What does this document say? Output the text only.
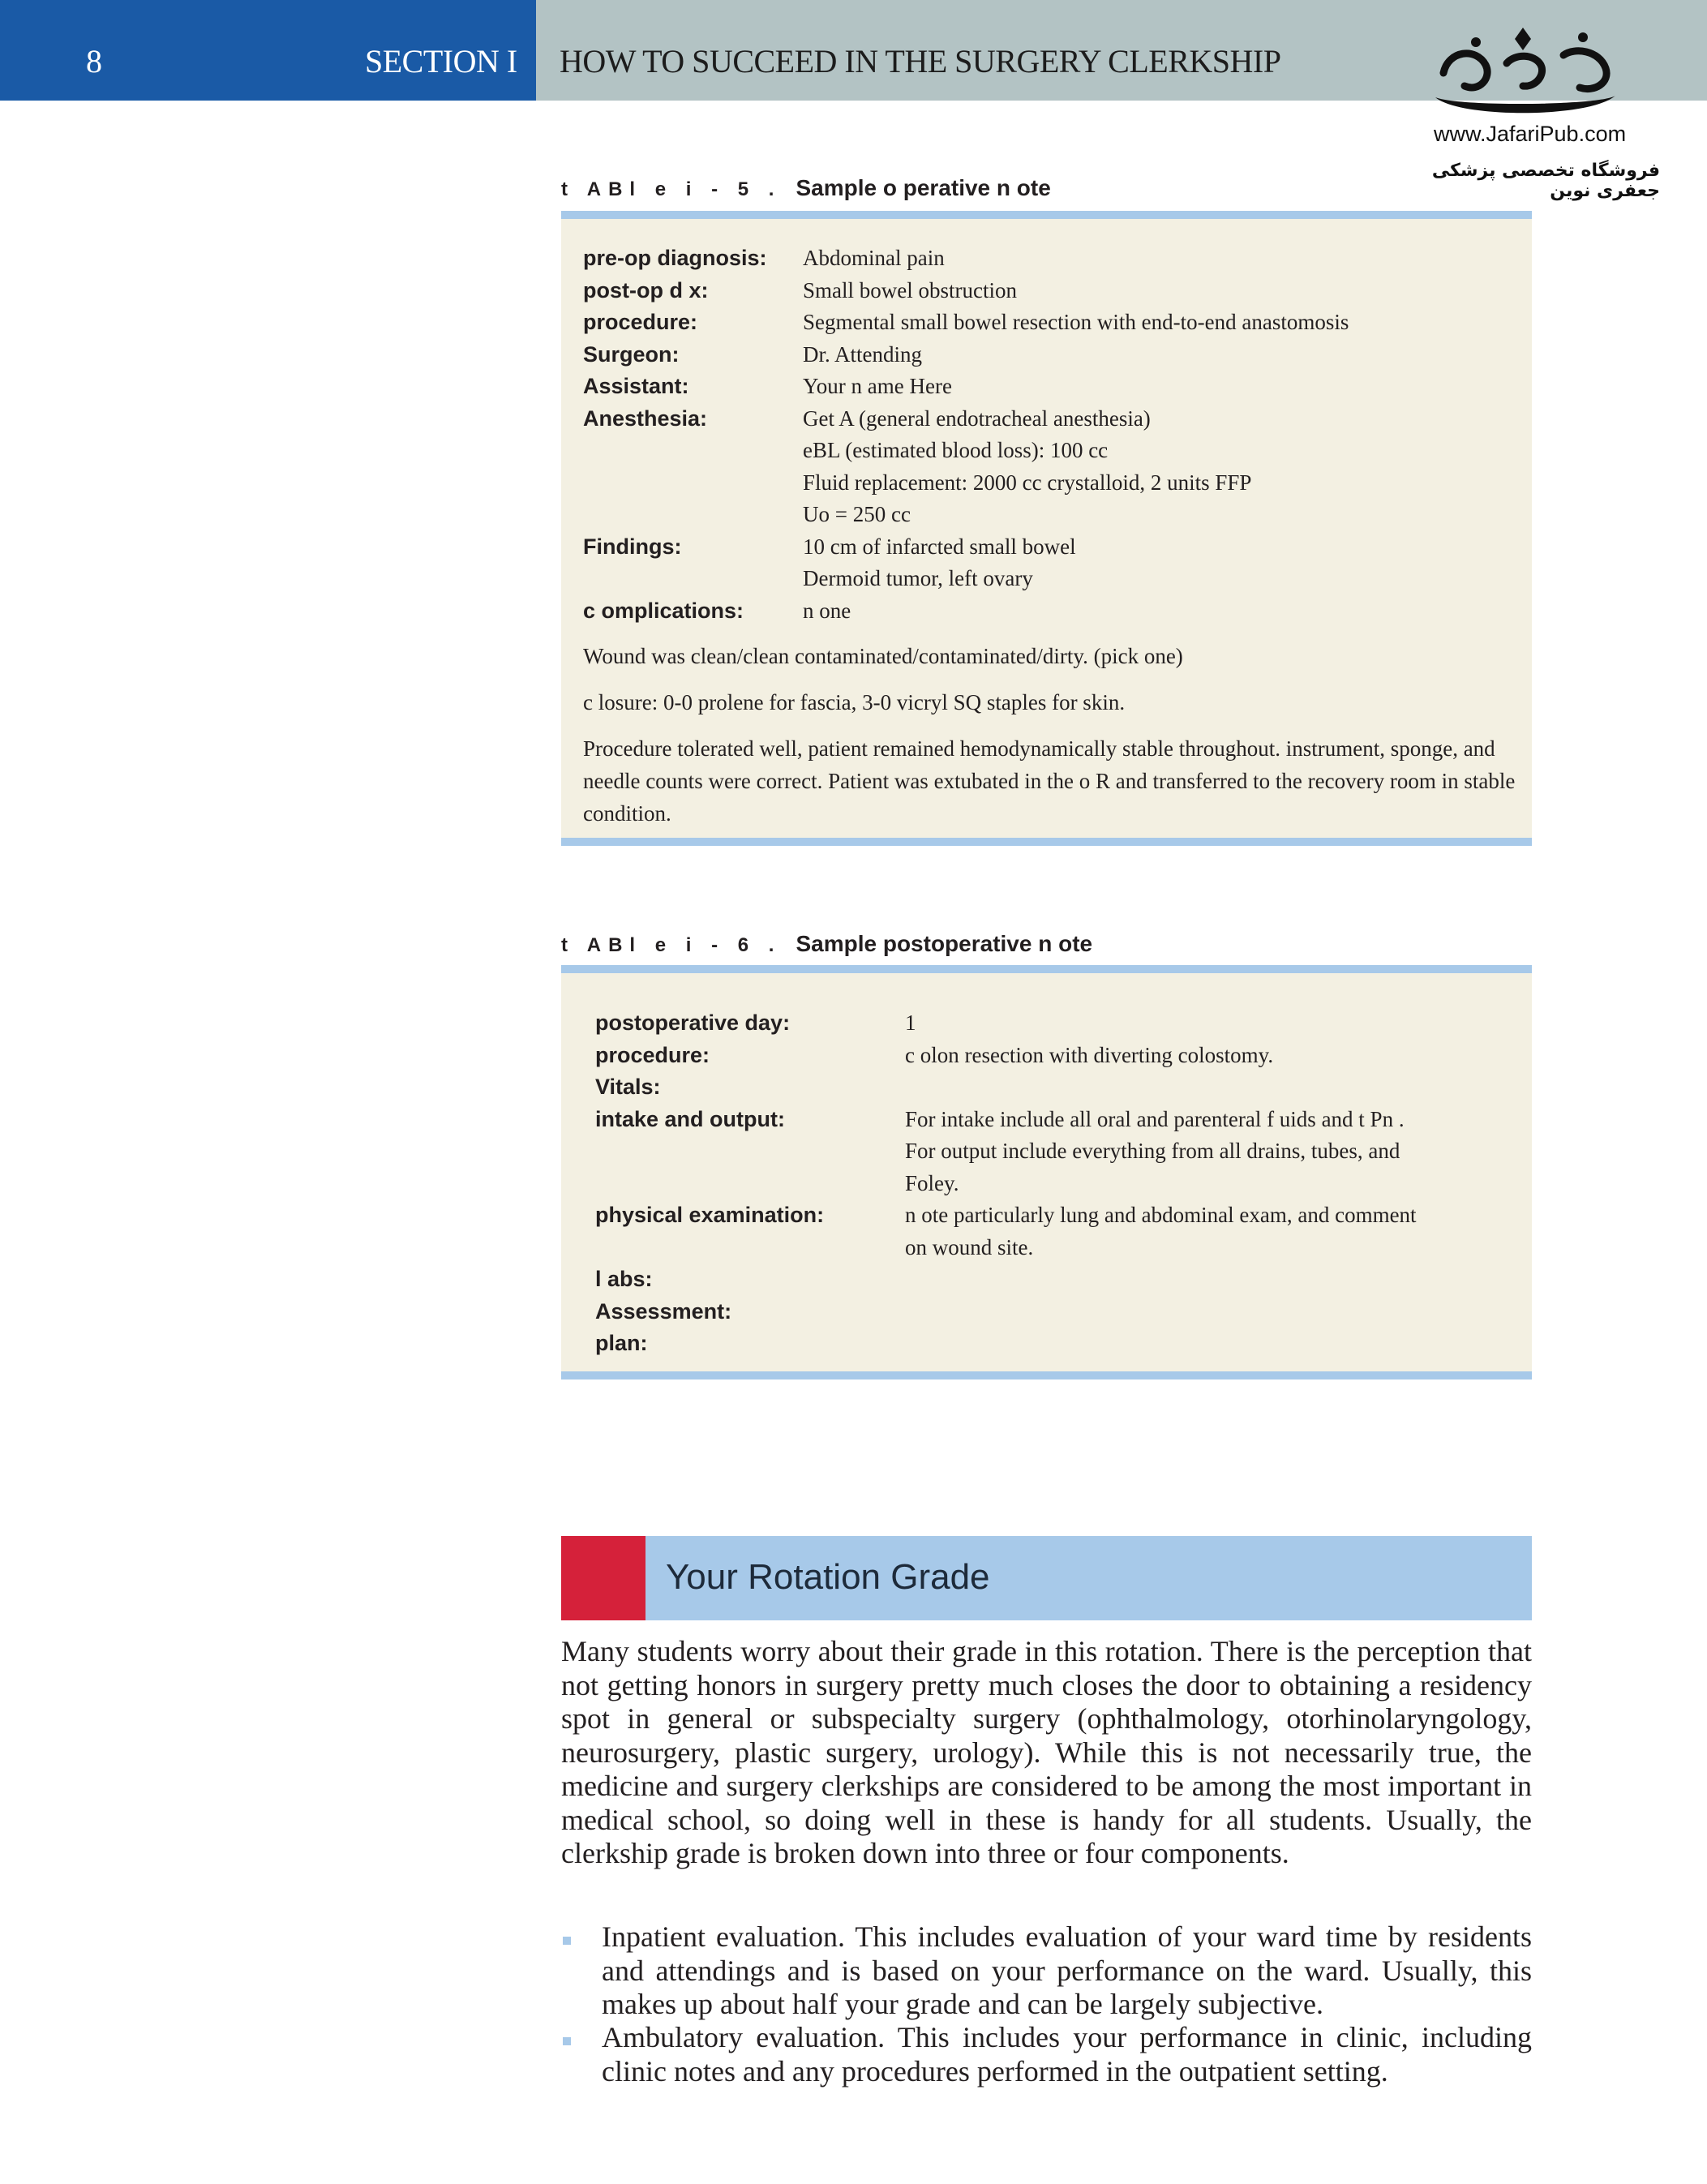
8	SECTION I HOW TO SUCCEED IN THE SURGERY CLERKSHIP
www.JafariPub.com
فروشگاه تخصصی پزشکی جعفری نوین
t ABl e i - 5 . Sample o perative n ote
pre-op diagnosis: Abdominal pain
post-op d x:	Small bowel obstruction
procedure:	Segmental small bowel resection with end-to-end anastomosis
Surgeon:	Dr. Attending
Assistant:	Your n ame Here
Anesthesia:	Get A (general endotracheal anesthesia)
eBL (estimated blood loss): 100 cc
Fluid replacement: 2000 cc crystalloid, 2 units FFP
Uo = 250 cc
Findings:	10 cm of infarcted small bowel
Dermoid tumor, left ovary
c omplications:	n one
Wound was clean/clean contaminated/contaminated/dirty. (pick one)
c losure: 0-0 prolene for fascia, 3-0 vicryl SQ staples for skin.
Procedure tolerated well, patient remained hemodynamically stable throughout. instrument, sponge, and needle counts were correct. Patient was extubated in the o R and transferred to the recovery room in stable condition.
t ABl e i - 6 . Sample postoperative n ote
postoperative day:	1
procedure:	c olon resection with diverting colostomy.
Vitals:
intake and output:	For intake include all oral and parenteral f uids and t Pn .
For output include everything from all drains, tubes, and
Foley.
physical examination:	n ote particularly lung and abdominal exam, and comment
on wound site.
l abs:
Assessment:
plan:
Your Rotation Grade
Many students worry about their grade in this rotation. There is the perception that not getting honors in surgery pretty much closes the door to obtaining a residency spot in general or subspecialty surgery (ophthalmology, otorhinolaryngology, neurosurgery, plastic surgery, urology). While this is not necessarily true, the medicine and surgery clerkships are considered to be among the most important in medical school, so doing well in these is handy for all students. Usually, the clerkship grade is broken down into three or four components.
Inpatient evaluation. This includes evaluation of your ward time by residents and attendings and is based on your performance on the ward. Usually, this makes up about half your grade and can be largely subjective.
Ambulatory evaluation. This includes your performance in clinic, including clinic notes and any procedures performed in the outpatient setting.
